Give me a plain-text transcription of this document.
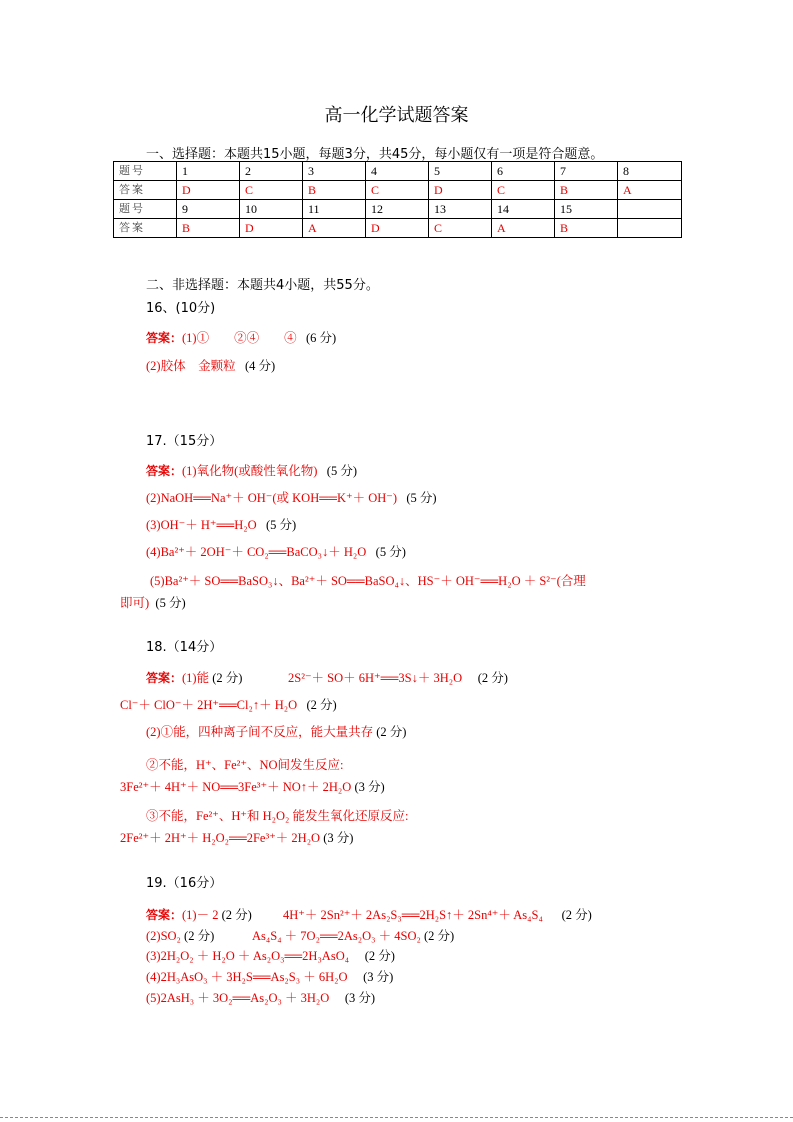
高一化学试题答案
一、选择题：本题共15小题，每题3分，共45分，每小题仅有一项是符合题意。
题号	1	2	3	4	5	6	7	8
答案	D	C	B	C	D	C	B	A
题号	9	10	11	12	13	14	15	
答案	B	D	A	D	C	A	B	
二、非选择题：本题共4小题，共55分。
16、(10分)
答案：(1)①　　②④　　④ (6 分)
(2)胶体　金颗粒 (4 分)
17.（15分）
答案：(1)氧化物(或酸性氧化物) (5 分)
(2)NaOH══Na⁺＋ OH⁻(或 KOH══K⁺＋ OH⁻) (5 分)
(3)OH⁻＋ H⁺══H₂O (5 分)
(4)Ba²⁺＋ 2OH⁻＋ CO₂══BaCO₃↓＋ H₂O (5 分)
(5)Ba²⁺＋ SO══BaSO₃↓、Ba²⁺＋ SO══BaSO₄↓、HS⁻＋ OH⁻══H₂O ＋ S²⁻(合理
即可) (5 分)
18.（14分）
答案：(1)能 (2 分)	2S²⁻＋ SO＋ 6H⁺══3S↓＋ 3H₂O (2 分)
Cl⁻＋ ClO⁻＋ 2H⁺══Cl₂↑＋ H₂O (2 分)
(2)①能，四种离子间不反应，能大量共存 (2 分)
②不能，H⁺、Fe²⁺、NO间发生反应:
3Fe²⁺＋ 4H⁺＋ NO══3Fe³⁺＋ NO↑＋ 2H₂O (3 分)
③不能，Fe²⁺、H⁺和 H₂O₂ 能发生氧化还原反应:
2Fe²⁺＋ 2H⁺＋ H₂O₂══2Fe³⁺＋ 2H₂O (3 分)
19.（16分）
答案：(1)－ 2 (2 分) 4H⁺＋ 2Sn²⁺＋ 2As₂S₃══2H₂S↑＋ 2Sn⁴⁺＋ As₄S₄ (2 分)
(2)SO₂ (2 分)	As₄S₄ ＋ 7O₂══2As₂O₃ ＋ 4SO₂ (2 分)
(3)2H₂O₂ ＋ H₂O ＋ As₂O₃══2H₃AsO₄ (2 分)
(4)2H₃AsO₃ ＋ 3H₂S══As₂S₃ ＋ 6H₂O (3 分)
(5)2AsH₃ ＋ 3O₂══As₂O₃ ＋ 3H₂O (3 分)
